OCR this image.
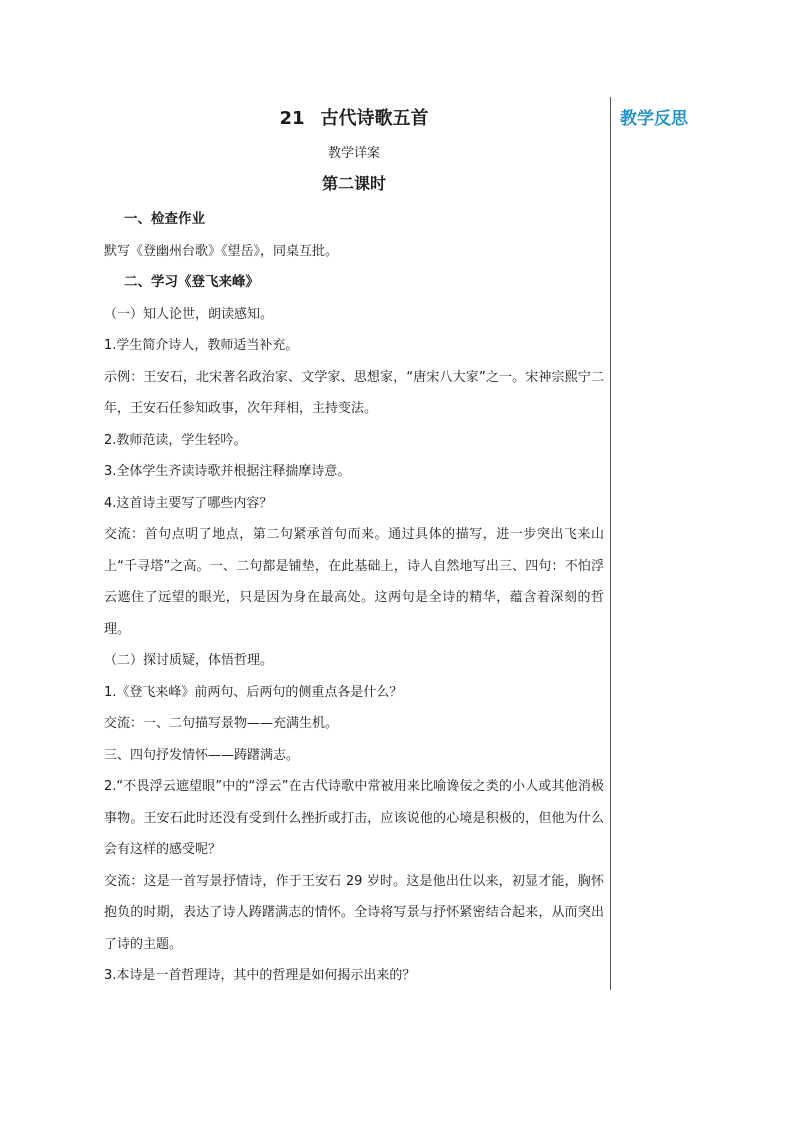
教学反思
21 古代诗歌五首
教学详案
第二课时
一、检查作业
默写《登幽州台歌》《望岳》，同桌互批。
二、学习《登飞来峰》
（一）知人论世，朗读感知。
1.学生简介诗人，教师适当补充。
示例：王安石，北宋著名政治家、文学家、思想家，“唐宋八大家”之一。宋神宗熙宁二年，王安石任参知政事，次年拜相，主持变法。
2.教师范读，学生轻吟。
3.全体学生齐读诗歌并根据注释揣摩诗意。
4.这首诗主要写了哪些内容？
交流：首句点明了地点，第二句紧承首句而来。通过具体的描写，进一步突出飞来山上“千寻塔”之高。一、二句都是铺垫，在此基础上，诗人自然地写出三、四句：不怕浮云遮住了远望的眼光，只是因为身在最高处。这两句是全诗的精华，蕴含着深刻的哲理。
（二）探讨质疑，体悟哲理。
1.《登飞来峰》前两句、后两句的侧重点各是什么？
交流：一、二句描写景物——充满生机。
三、四句抒发情怀——踌躇满志。
2.“不畏浮云遮望眼”中的“浮云”在古代诗歌中常被用来比喻谗佞之类的小人或其他消极事物。王安石此时还没有受到什么挫折或打击，应该说他的心境是积极的，但他为什么会有这样的感受呢？
交流：这是一首写景抒情诗，作于王安石 29 岁时。这是他出仕以来，初显才能，胸怀抱负的时期，表达了诗人踌躇满志的情怀。全诗将写景与抒怀紧密结合起来，从而突出了诗的主题。
3.本诗是一首哲理诗，其中的哲理是如何揭示出来的？
